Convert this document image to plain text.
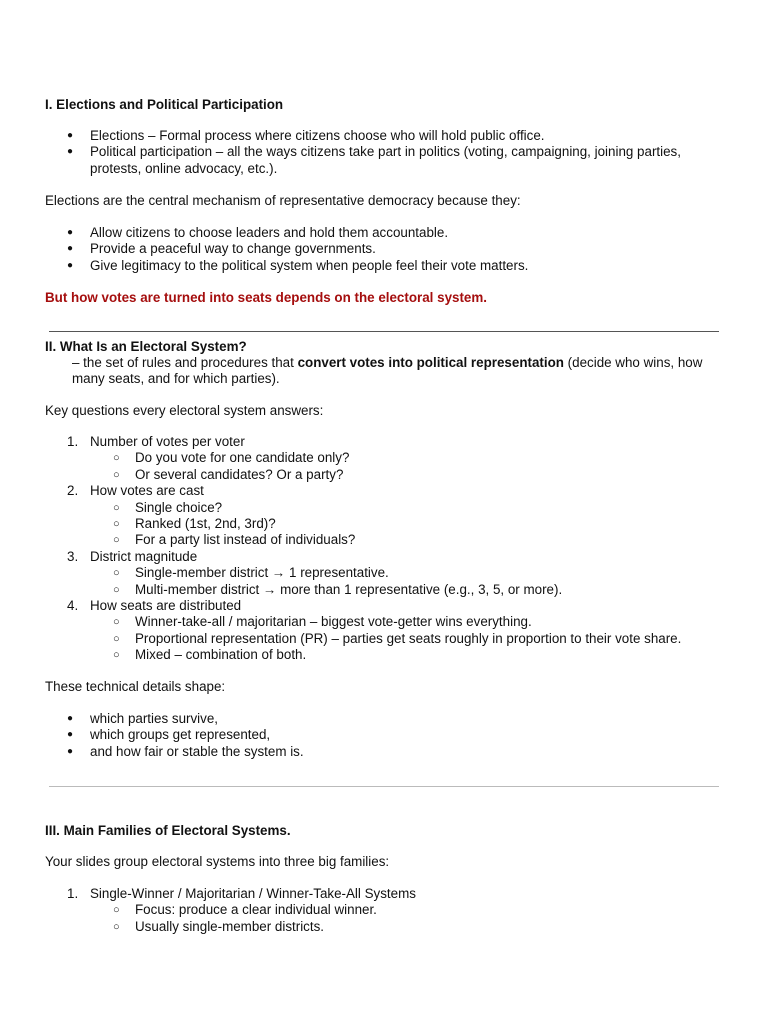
I. Elections and Political Participation
● Elections – Formal process where citizens choose who will hold public office.
● Political participation – all the ways citizens take part in politics (voting, campaigning, joining parties, protests, online advocacy, etc.).
Elections are the central mechanism of representative democracy because they:
● Allow citizens to choose leaders and hold them accountable.
● Provide a peaceful way to change governments.
● Give legitimacy to the political system when people feel their vote matters.
But how votes are turned into seats depends on the electoral system.
II. What Is an Electoral System?
– the set of rules and procedures that convert votes into political representation (decide who wins, how many seats, and for which parties).
Key questions every electoral system answers:
1. Number of votes per voter
○ Do you vote for one candidate only?
○ Or several candidates? Or a party?
2. How votes are cast
○ Single choice?
○ Ranked (1st, 2nd, 3rd)?
○ For a party list instead of individuals?
3. District magnitude
○ Single-member district → 1 representative.
○ Multi-member district → more than 1 representative (e.g., 3, 5, or more).
4. How seats are distributed
○ Winner-take-all / majoritarian – biggest vote-getter wins everything.
○ Proportional representation (PR) – parties get seats roughly in proportion to their vote share.
○ Mixed – combination of both.
These technical details shape:
● which parties survive,
● which groups get represented,
● and how fair or stable the system is.
III. Main Families of Electoral Systems.
Your slides group electoral systems into three big families:
1. Single-Winner / Majoritarian / Winner-Take-All Systems
○ Focus: produce a clear individual winner.
○ Usually single-member districts.
